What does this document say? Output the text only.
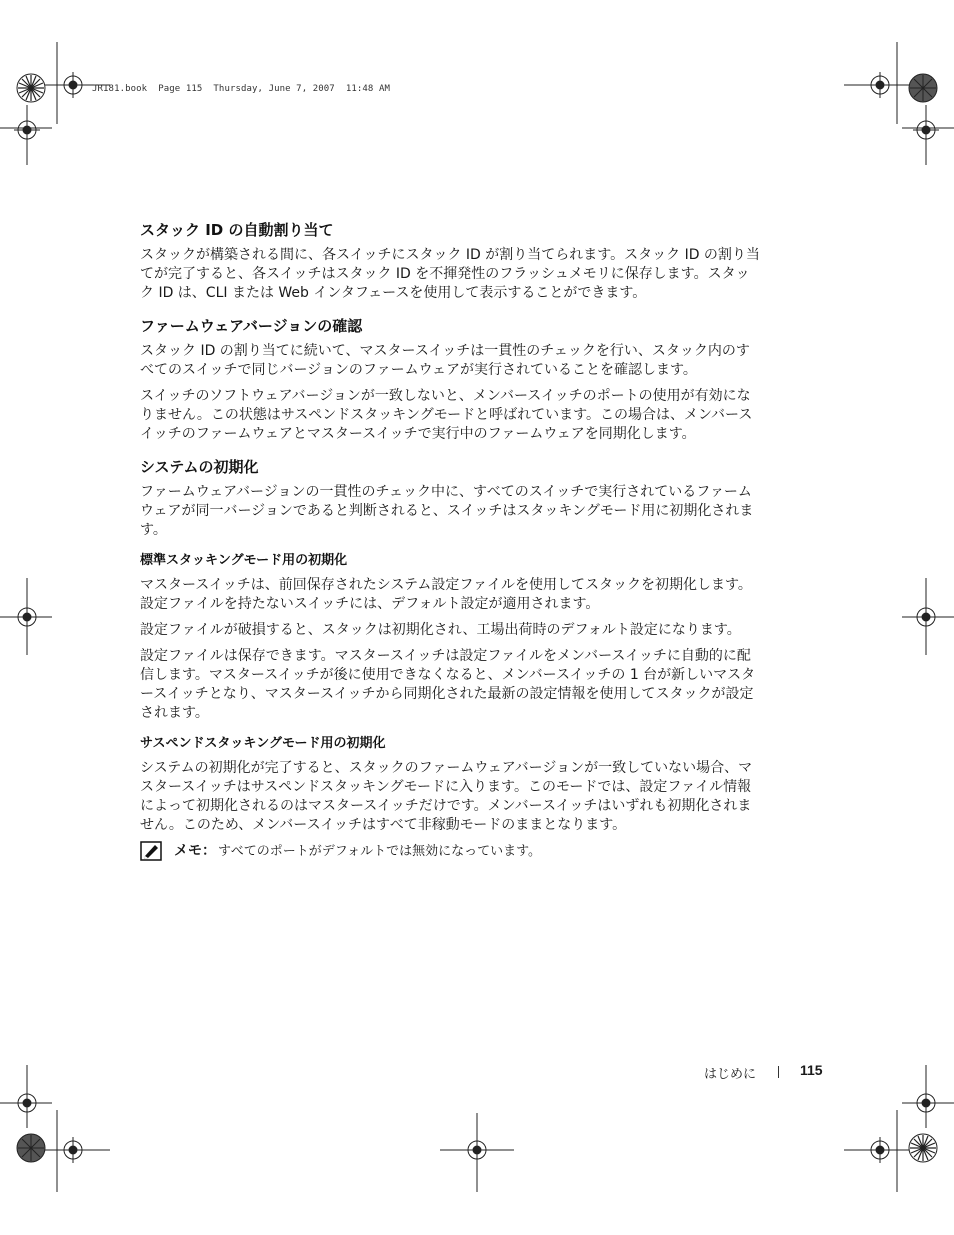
JR181.book  Page 115  Thursday, June 7, 2007  11:48 AM
スタック ID の自動割り当て

スタックが構築される間に、各スイッチにスタック ID が割り当てられます。スタック ID の割り当てが完了すると、各スイッチはスタック ID を不揮発性のフラッシュメモリに保存します。スタック ID は、CLI または Web インタフェースを使用して表示することができます。

ファームウェアバージョンの確認

スタック ID の割り当てに続いて、マスタースイッチは一貫性のチェックを行い、スタック内のすべてのスイッチで同じバージョンのファームウェアが実行されていることを確認します。

スイッチのソフトウェアバージョンが一致しないと、メンバースイッチのポートの使用が有効になりません。この状態はサスペンドスタッキングモードと呼ばれています。この場合は、メンバースイッチのファームウェアとマスタースイッチで実行中のファームウェアを同期化します。

システムの初期化

ファームウェアバージョンの一貫性のチェック中に、すべてのスイッチで実行されているファームウェアが同一バージョンであると判断されると、スイッチはスタッキングモード用に初期化されます。

標準スタッキングモード用の初期化

マスタースイッチは、前回保存されたシステム設定ファイルを使用してスタックを初期化します。設定ファイルを持たないスイッチには、デフォルト設定が適用されます。

設定ファイルが破損すると、スタックは初期化され、工場出荷時のデフォルト設定になります。

設定ファイルは保存できます。マスタースイッチは設定ファイルをメンバースイッチに自動的に配信します。マスタースイッチが後に使用できなくなると、メンバースイッチの 1 台が新しいマスタースイッチとなり、マスタースイッチから同期化された最新の設定情報を使用してスタックが設定されます。

サスペンドスタッキングモード用の初期化

システムの初期化が完了すると、スタックのファームウェアバージョンが一致していない場合、マスタースイッチはサスペンドスタッキングモードに入ります。このモードでは、設定ファイル情報によって初期化されるのはマスタースイッチだけです。メンバースイッチはいずれも初期化されません。このため、メンバースイッチはすべて非稼動モードのままとなります。

メモ： すべてのポートがデフォルトでは無効になっています。
はじめに	115
